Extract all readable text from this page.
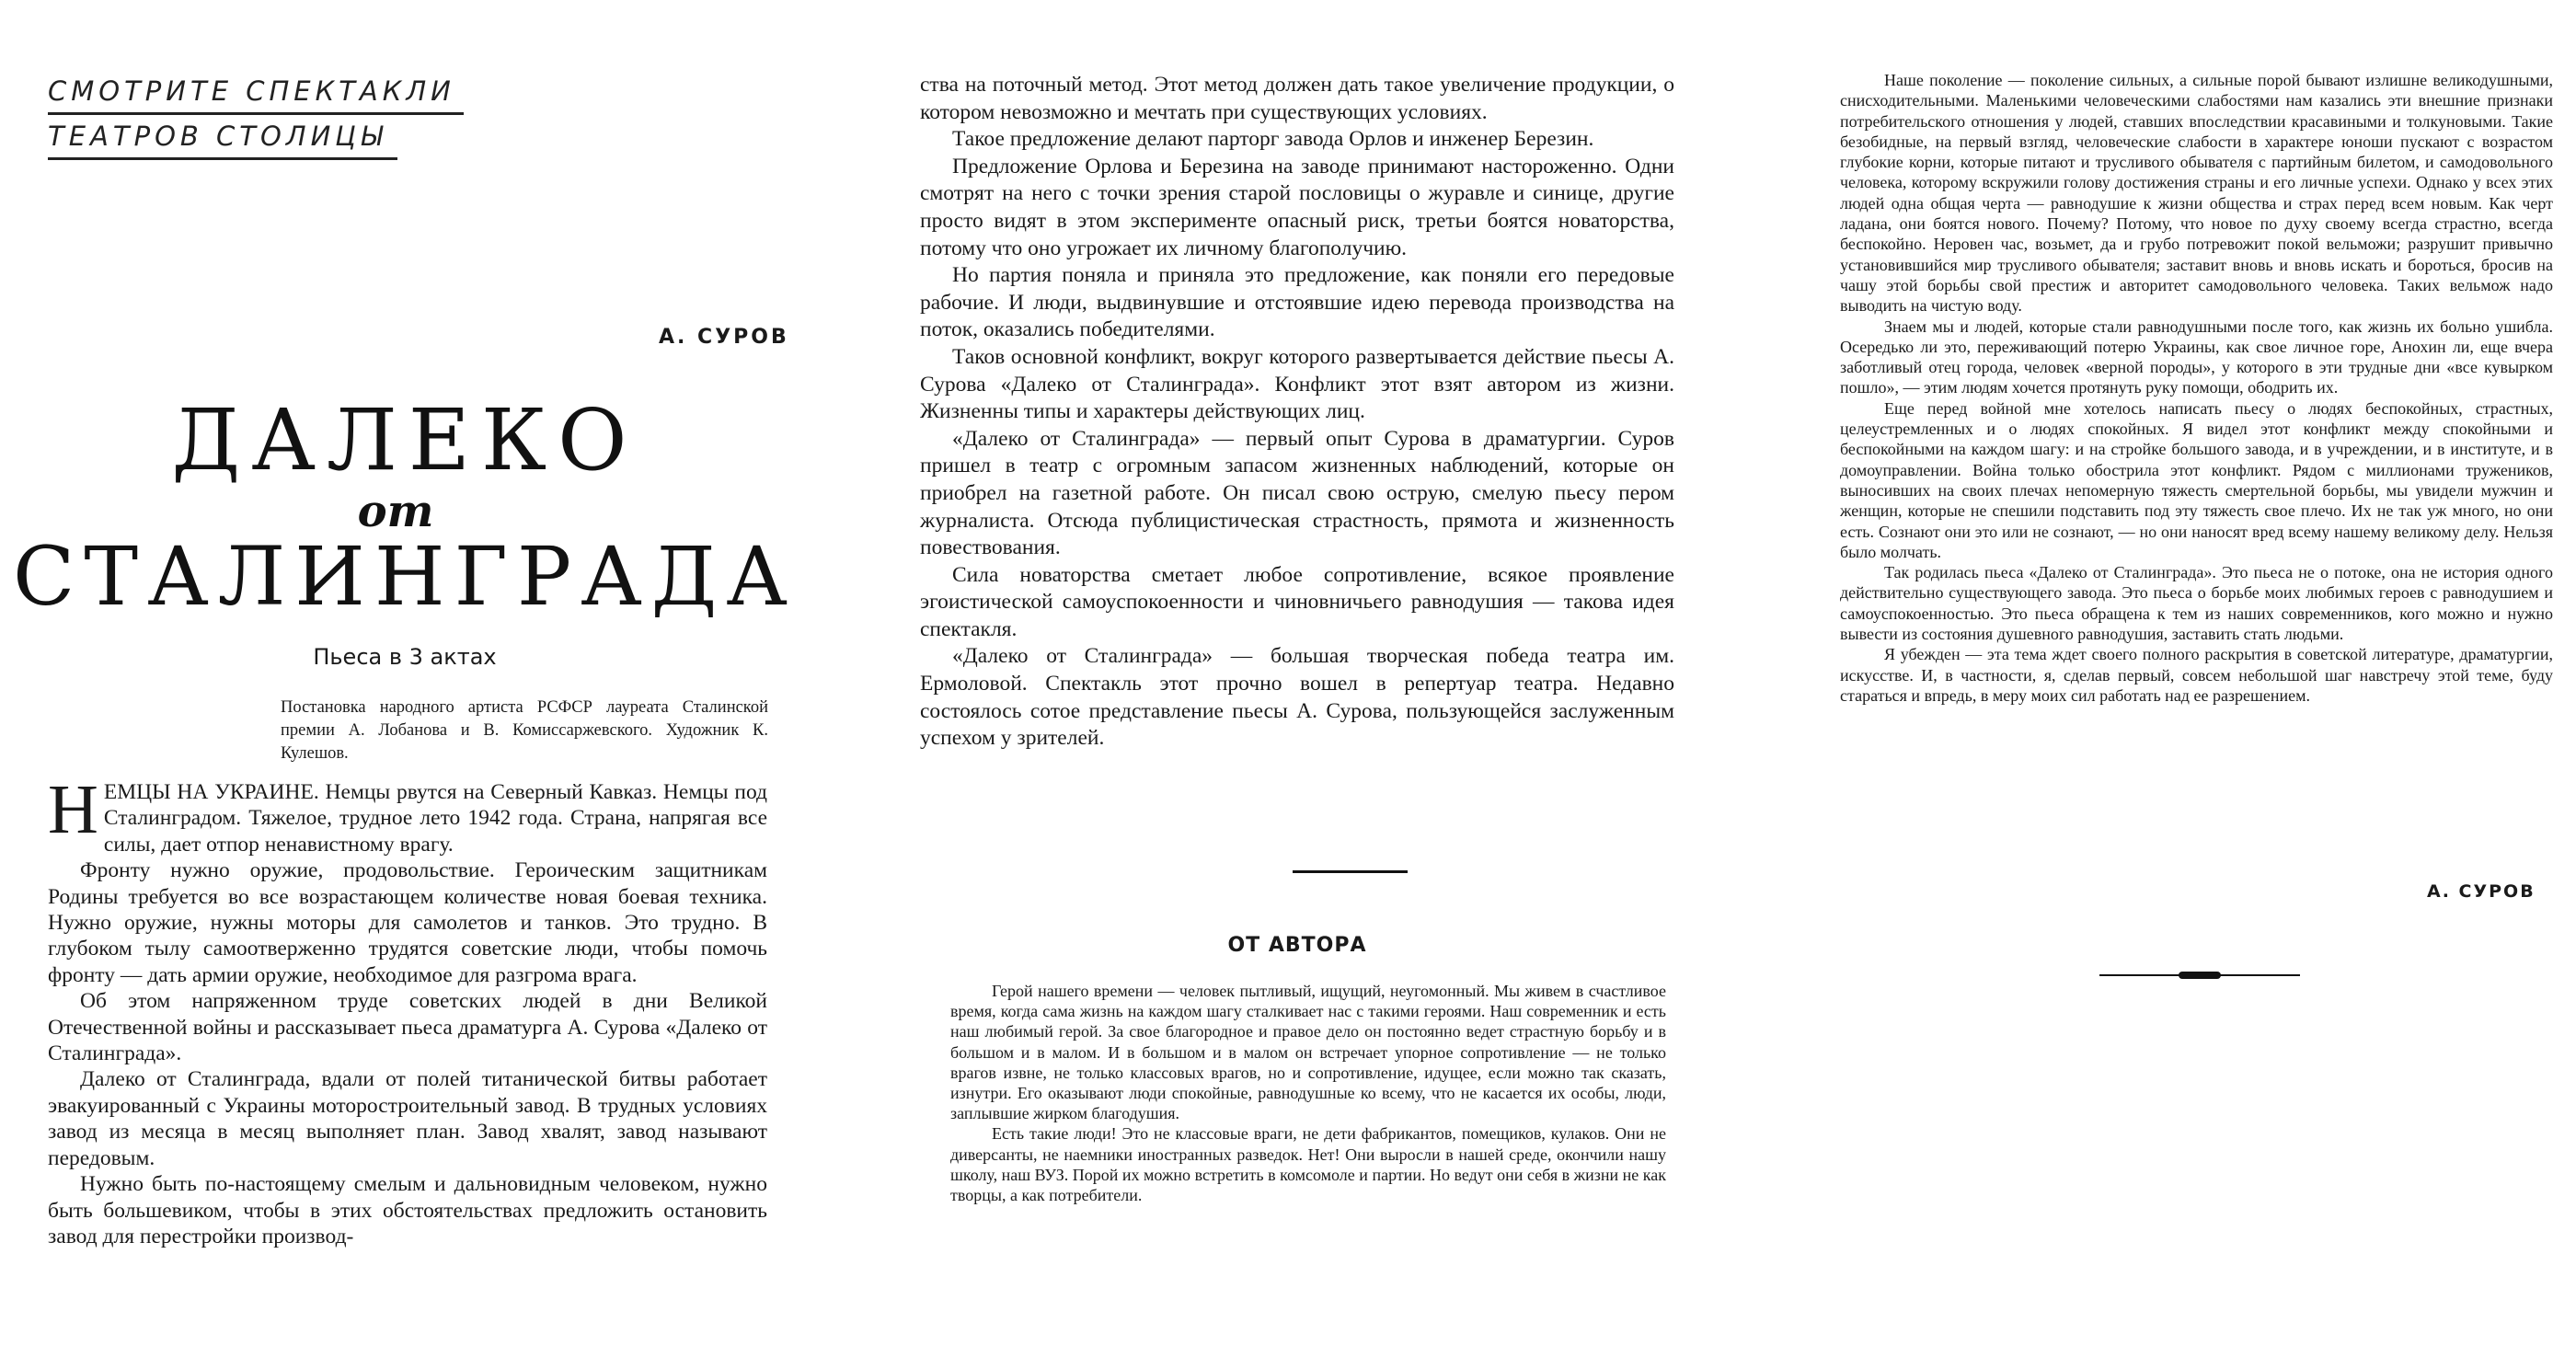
СМОТРИТЕ СПЕКТАКЛИ
ТЕАТРОВ СТОЛИЦЫ
А. СУРОВ
ДАЛЕКО
от
СТАЛИНГРАДА
Пьеса в 3 актах
Постановка народного артиста РСФСР лауреата Сталинской премии А. Лобанова и В. Комиссаржевского. Художник К. Кулешов.

НЕМЦЫ НА УКРАИНЕ. Немцы рвутся на Северный Кавказ. Немцы под Сталинградом. Тяжелое, трудное лето 1942 года. Страна, напрягая все силы, дает отпор ненавистному врагу.

Фронту нужно оружие, продовольствие. Героическим защитникам Родины требуется во все возрастающем количестве новая боевая техника. Нужно оружие, нужны моторы для самолетов и танков. Это трудно. В глубоком тылу самоотверженно трудятся советские люди, чтобы помочь фронту — дать армии оружие, необходимое для разгрома врага.

Об этом напряженном труде советских людей в дни Великой Отечественной войны и рассказывает пьеса драматурга А. Сурова «Далеко от Сталинграда».

Далеко от Сталинграда, вдали от полей титанической битвы работает эвакуированный с Украины моторостроительный завод. В трудных условиях завод из месяца в месяц выполняет план. Завод хвалят, завод называют передовым.

Нужно быть по-настоящему смелым и дальновидным человеком, нужно быть большевиком, чтобы в этих обстоятельствах предложить остановить завод для перестройки производ-

ства на поточный метод. Этот метод должен дать такое увеличение продукции, о котором невозможно и мечтать при существующих условиях.

Такое предложение делают парторг завода Орлов и инженер Березин.

Предложение Орлова и Березина на заводе принимают настороженно. Одни смотрят на него с точки зрения старой пословицы о журавле и синице, другие просто видят в этом эксперименте опасный риск, третьи боятся новаторства, потому что оно угрожает их личному благополучию.

Но партия поняла и приняла это предложение, как поняли его передовые рабочие. И люди, выдвинувшие и отстоявшие идею перевода производства на поток, оказались победителями.

Таков основной конфликт, вокруг которого развертывается действие пьесы А. Сурова «Далеко от Сталинграда». Конфликт этот взят автором из жизни. Жизненны типы и характеры действующих лиц.

«Далеко от Сталинграда» — первый опыт Сурова в драматургии. Суров пришел в театр с огромным запасом жизненных наблюдений, которые он приобрел на газетной работе. Он писал свою острую, смелую пьесу пером журналиста. Отсюда публицистическая страстность, прямота и жизненность повествования.

Сила новаторства сметает любое сопротивление, всякое проявление эгоистической самоуспокоенности и чиновничьего равнодушия — такова идея спектакля.

«Далеко от Сталинграда» — большая творческая победа театра им. Ермоловой. Спектакль этот прочно вошел в репертуар театра. Недавно состоялось сотое представление пьесы А. Сурова, пользующейся заслуженным успехом у зрителей.

ОТ АВТОРА

Герой нашего времени — человек пытливый, ищущий, неугомонный. Мы живем в счастливое время, когда сама жизнь на каждом шагу сталкивает нас с такими героями. Наш современник и есть наш любимый герой. За свое благородное и правое дело он постоянно ведет страстную борьбу и в большом и в малом. И в большом и в малом он встречает упорное сопротивление — не только врагов извне, не только классовых врагов, но и сопротивление, идущее, если можно так сказать, изнутри. Его оказывают люди спокойные, равнодушные ко всему, что не касается их особы, люди, заплывшие жирком благодушия.

Есть такие люди! Это не классовые враги, не дети фабрикантов, помещиков, кулаков. Они не диверсанты, не наемники иностранных разведок. Нет! Они выросли в нашей среде, окончили нашу школу, наш ВУЗ. Порой их можно встретить в комсомоле и партии. Но ведут они себя в жизни не как творцы, а как потребители.

Наше поколение — поколение сильных, а сильные порой бывают излишне великодушными, снисходительными. Маленькими человеческими слабостями нам казались эти внешние признаки потребительского отношения у людей, ставших впоследствии красавиными и толкуновыми. Такие безобидные, на первый взгляд, человеческие слабости в характере юноши пускают с возрастом глубокие корни, которые питают и трусливого обывателя с партийным билетом, и самодовольного человека, которому вскружили голову достижения страны и его личные успехи. Однако у всех этих людей одна общая черта — равнодушие к жизни общества и страх перед всем новым. Как черт ладана, они боятся нового. Почему? Потому, что новое по духу своему всегда страстно, всегда беспокойно. Неровен час, возьмет, да и грубо потревожит покой вельможи; разрушит привычно установившийся мир трусливого обывателя; заставит вновь и вновь искать и бороться, бросив на чашу этой борьбы свой престиж и авторитет самодовольного человека. Таких вельмож надо выводить на чистую воду.

Знаем мы и людей, которые стали равнодушными после того, как жизнь их больно ушибла. Осередько ли это, переживающий потерю Украины, как свое личное горе, Анохин ли, еще вчера заботливый отец города, человек «верной породы», у которого в эти трудные дни «все кувырком пошло», — этим людям хочется протянуть руку помощи, ободрить их.

Еще перед войной мне хотелось написать пьесу о людях беспокойных, страстных, целеустремленных и о людях спокойных. Я видел этот конфликт между спокойными и беспокойными на каждом шагу: и на стройке большого завода, и в учреждении, и в институте, и в домоуправлении. Война только обострила этот конфликт. Рядом с миллионами тружеников, выносивших на своих плечах непомерную тяжесть смертельной борьбы, мы увидели мужчин и женщин, которые не спешили подставить под эту тяжесть свое плечо. Их не так уж много, но они есть. Сознают они это или не сознают, — но они наносят вред всему нашему великому делу. Нельзя было молчать.

Так родилась пьеса «Далеко от Сталинграда». Это пьеса не о потоке, она не история одного действительно существующего завода. Это пьеса о борьбе моих любимых героев с равнодушием и самоуспокоенностью. Это пьеса обращена к тем из наших современников, кого можно и нужно вывести из состояния душевного равнодушия, заставить стать людьми.

Я убежден — эта тема ждет своего полного раскрытия в советской литературе, драматургии, искусстве. И, в частности, я, сделав первый, совсем небольшой шаг навстречу этой теме, буду стараться и впредь, в меру моих сил работать над ее разрешением.

А. СУРОВ
